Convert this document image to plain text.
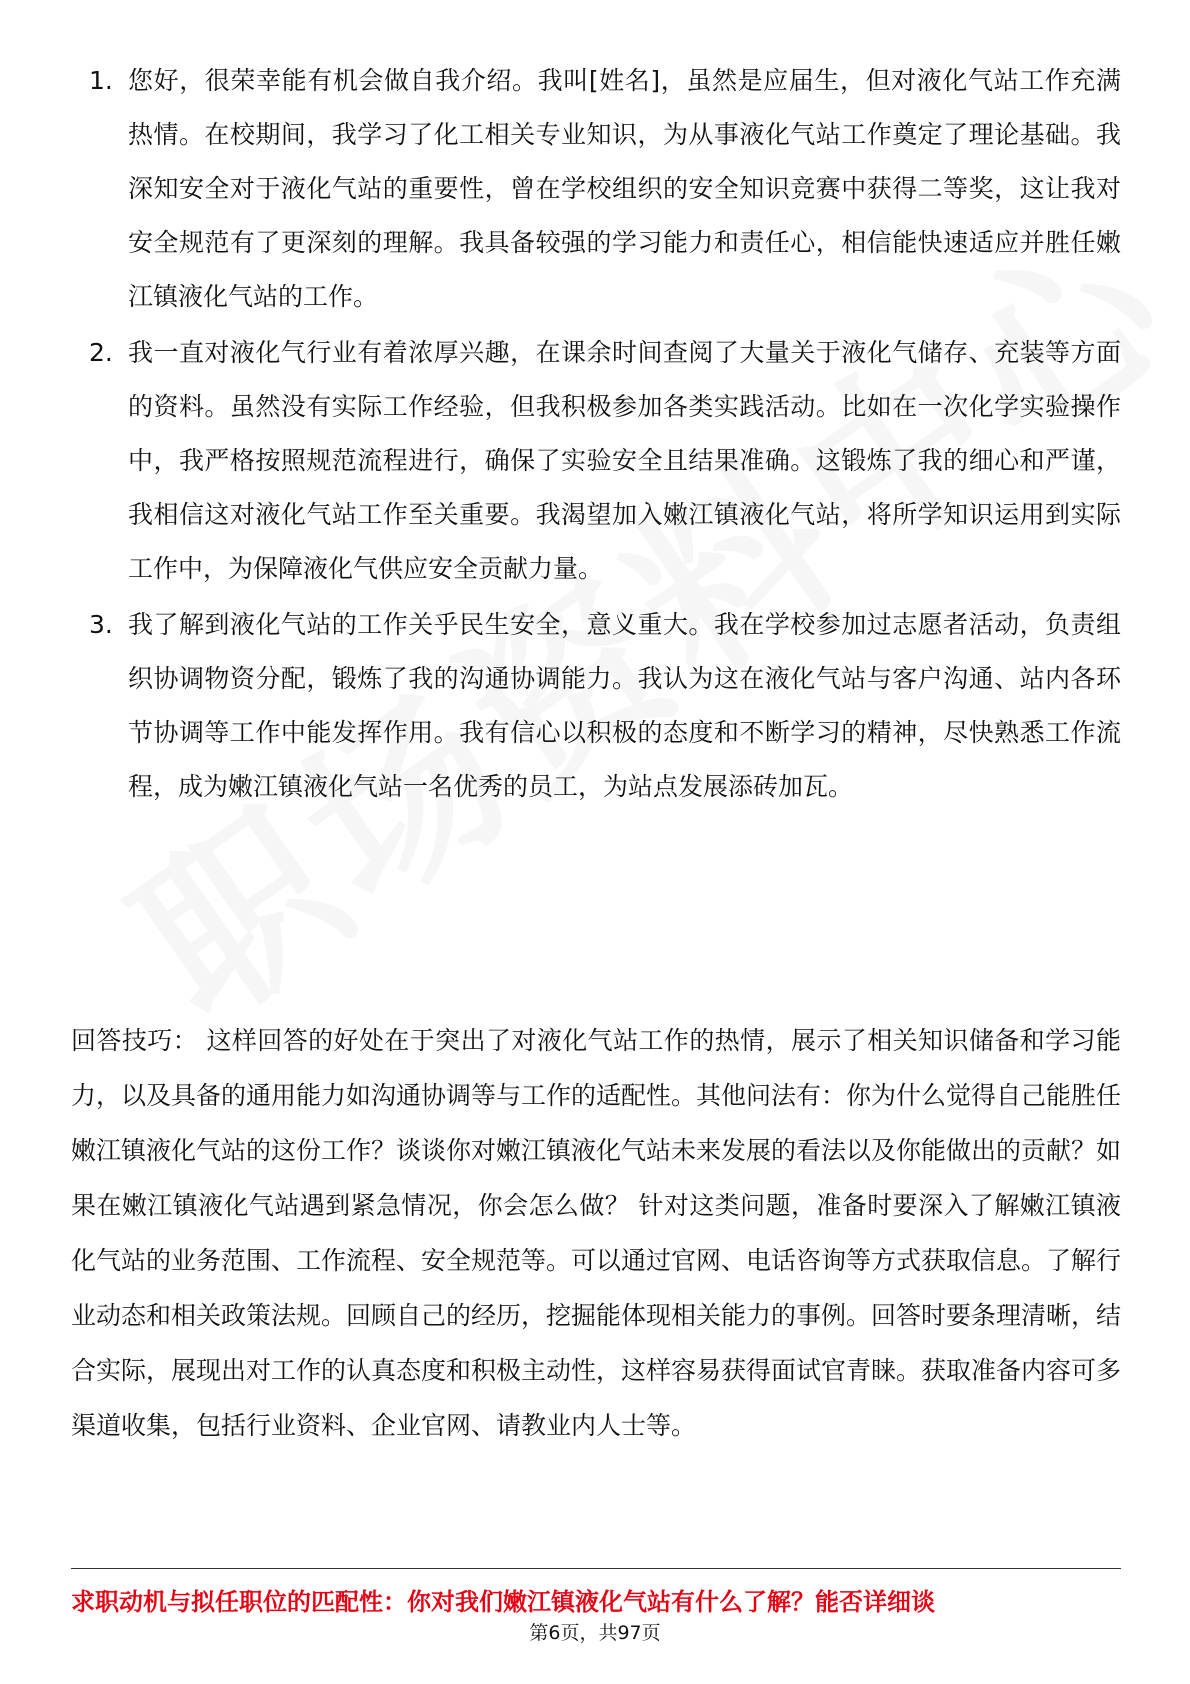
1. 您好，很荣幸能有机会做自我介绍。我叫[姓名]，虽然是应届生，但对液化气站工作充满热情。在校期间，我学习了化工相关专业知识，为从事液化气站工作奠定了理论基础。我深知安全对于液化气站的重要性，曾在学校组织的安全知识竞赛中获得二等奖，这让我对安全规范有了更深刻的理解。我具备较强的学习能力和责任心，相信能快速适应并胜任嫩江镇液化气站的工作。
2. 我一直对液化气行业有着浓厚兴趣，在课余时间查阅了大量关于液化气储存、充装等方面的资料。虽然没有实际工作经验，但我积极参加各类实践活动。比如在一次化学实验操作中，我严格按照规范流程进行，确保了实验安全且结果准确。这锻炼了我的细心和严谨，我相信这对液化气站工作至关重要。我渴望加入嫩江镇液化气站，将所学知识运用到实际工作中，为保障液化气供应安全贡献力量。
3. 我了解到液化气站的工作关乎民生安全，意义重大。我在学校参加过志愿者活动，负责组织协调物资分配，锻炼了我的沟通协调能力。我认为这在液化气站与客户沟通、站内各环节协调等工作中能发挥作用。我有信心以积极的态度和不断学习的精神，尽快熟悉工作流程，成为嫩江镇液化气站一名优秀的员工，为站点发展添砖加瓦。

回答技巧： 这样回答的好处在于突出了对液化气站工作的热情，展示了相关知识储备和学习能力，以及具备的通用能力如沟通协调等与工作的适配性。其他问法有：你为什么觉得自己能胜任嫩江镇液化气站的这份工作？谈谈你对嫩江镇液化气站未来发展的看法以及你能做出的贡献？如果在嫩江镇液化气站遇到紧急情况，你会怎么做？ 针对这类问题，准备时要深入了解嫩江镇液化气站的业务范围、工作流程、安全规范等。可以通过官网、电话咨询等方式获取信息。了解行业动态和相关政策法规。回顾自己的经历，挖掘能体现相关能力的事例。回答时要条理清晰，结合实际，展现出对工作的认真态度和积极主动性，这样容易获得面试官青睐。获取准备内容可多渠道收集，包括行业资料、企业官网、请教业内人士等。

求职动机与拟任职位的匹配性：你对我们嫩江镇液化气站有什么了解？能否详细谈
第6页，共97页
